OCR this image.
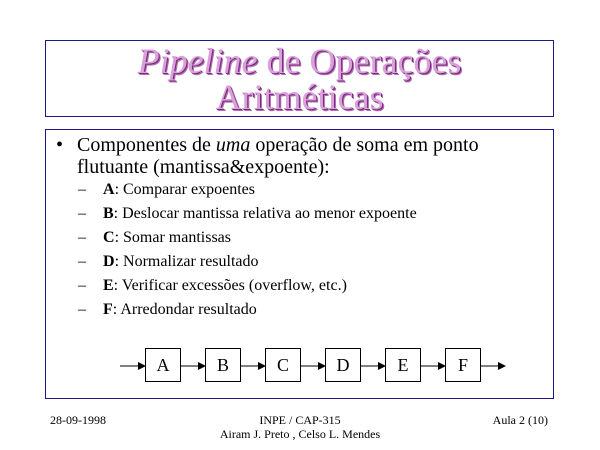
Pipeline de Operações
Aritméticas
• Componentes de uma operação de soma em ponto flutuante (mantissa&expoente):
– A: Comparar expoentes
– B: Deslocar mantissa relativa ao menor expoente
– C: Somar mantissas
– D: Normalizar resultado
– E: Verificar excessões (overflow, etc.)
– F: Arredondar resultado
A	B	C	D	E	F
28-09-1998	INPE / CAP-315
Airam J. Preto , Celso L. Mendes
Aula 2 (10)
